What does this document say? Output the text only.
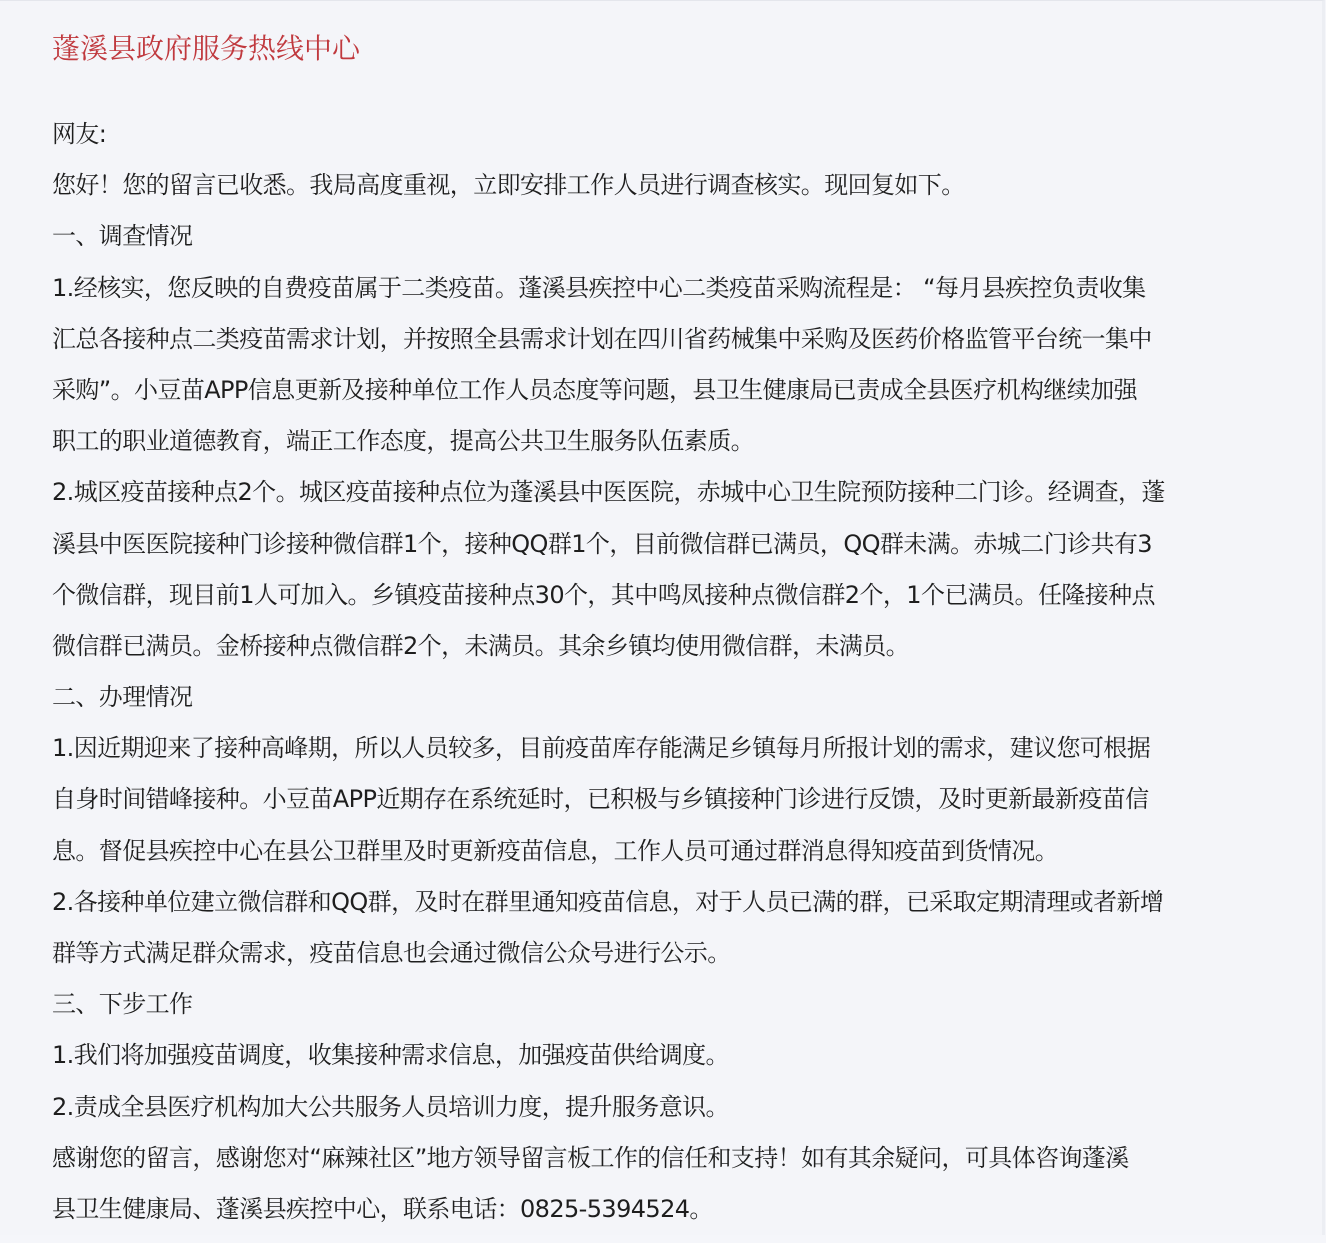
蓬溪县政府服务热线中心
网友:
您好！您的留言已收悉。我局高度重视，立即安排工作人员进行调查核实。现回复如下。
一、调查情况
1.经核实，您反映的自费疫苗属于二类疫苗。蓬溪县疾控中心二类疫苗采购流程是： “每月县疾控负责收集
汇总各接种点二类疫苗需求计划，并按照全县需求计划在四川省药械集中采购及医药价格监管平台统一集中
采购”。小豆苗APP信息更新及接种单位工作人员态度等问题，县卫生健康局已责成全县医疗机构继续加强
职工的职业道德教育，端正工作态度，提高公共卫生服务队伍素质。
2.城区疫苗接种点2个。城区疫苗接种点位为蓬溪县中医医院，赤城中心卫生院预防接种二门诊。经调查，蓬
溪县中医医院接种门诊接种微信群1个，接种QQ群1个，目前微信群已满员，QQ群未满。赤城二门诊共有3
个微信群，现目前1人可加入。乡镇疫苗接种点30个，其中鸣凤接种点微信群2个，1个已满员。任隆接种点
微信群已满员。金桥接种点微信群2个，未满员。其余乡镇均使用微信群，未满员。
二、办理情况
1.因近期迎来了接种高峰期，所以人员较多，目前疫苗库存能满足乡镇每月所报计划的需求，建议您可根据
自身时间错峰接种。小豆苗APP近期存在系统延时，已积极与乡镇接种门诊进行反馈，及时更新最新疫苗信
息。督促县疾控中心在县公卫群里及时更新疫苗信息，工作人员可通过群消息得知疫苗到货情况。
2.各接种单位建立微信群和QQ群，及时在群里通知疫苗信息，对于人员已满的群，已采取定期清理或者新增
群等方式满足群众需求，疫苗信息也会通过微信公众号进行公示。
三、下步工作
1.我们将加强疫苗调度，收集接种需求信息，加强疫苗供给调度。
2.责成全县医疗机构加大公共服务人员培训力度，提升服务意识。
感谢您的留言，感谢您对“麻辣社区”地方领导留言板工作的信任和支持！如有其余疑问，可具体咨询蓬溪
县卫生健康局、蓬溪县疾控中心，联系电话：0825-5394524。
